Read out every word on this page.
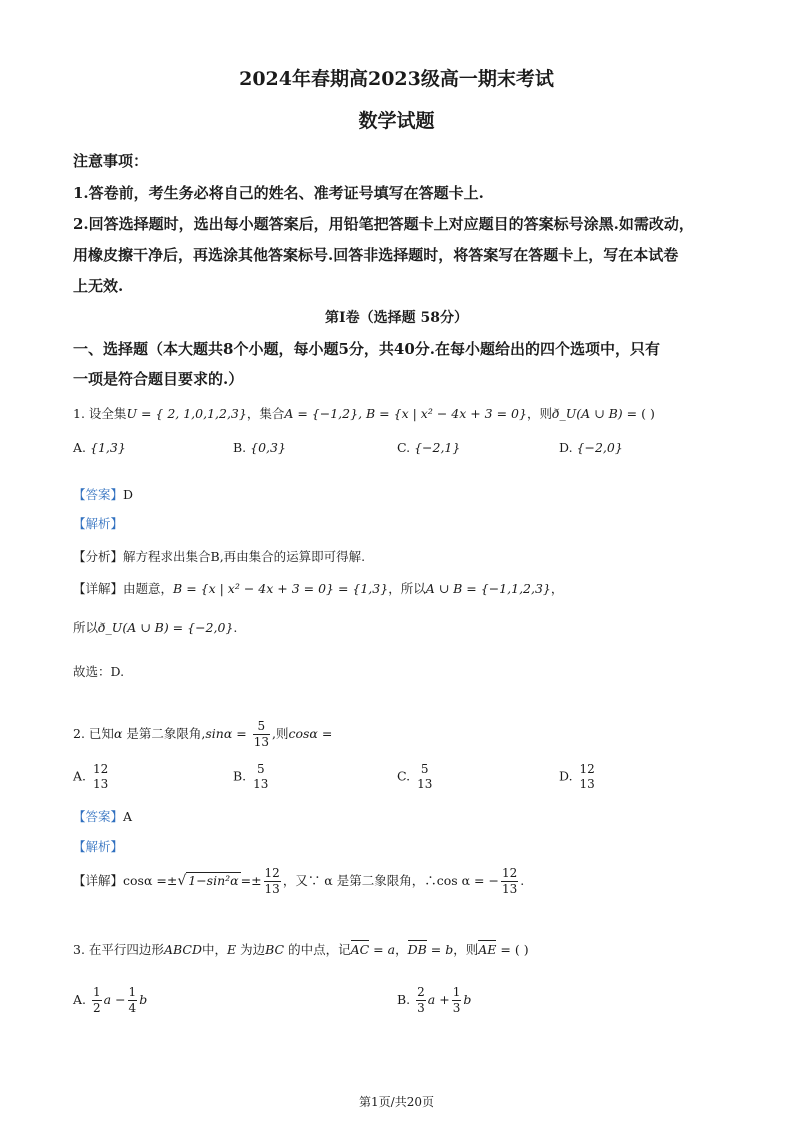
2024年春期高2023级高一期末考试
数学试题
注意事项：
1.答卷前，考生务必将自己的姓名、准考证号填写在答题卡上.
2.回答选择题时，选出每小题答案后，用铅笔把答题卡上对应题目的答案标号涂黑.如需改动，
用橡皮擦干净后，再选涂其他答案标号.回答非选择题时，将答案写在答题卡上，写在本试卷
上无效.
第I卷（选择题 58分）
一、选择题（本大题共8个小题，每小题5分，共40分.在每小题给出的四个选项中，只有
一项是符合题目要求的.）
1. 设全集U = { 2, 1,0,1,2,3}，集合A = {−1,2}, B = {x | x² − 4x + 3 = 0}，则ð_U(A ∪ B) = ( )
A. {1,3}	B. {0,3}	C. {−2,1}	D. {−2,0}
【答案】D
【解析】
【分析】解方程求出集合B,再由集合的运算即可得解.
【详解】由题意，B = {x | x² − 4x + 3 = 0} = {1,3}，所以A ∪ B = {−1,1,2,3}，
所以ð_U(A ∪ B) = {−2,0}.
故选：D.
2. 已知α 是第二象限角$,\sin\alpha = \frac{5}{13}$ ,则cosα =
A. 12
13
B. 5
13
C. 5
13
D. 12
13
【答案】A
【解析】
【详解】cosα =±√ $1-\sin^2\alpha =\pm \frac{12}{13}$ ，又∵ α 是第二象限角，∴cos α = − $\frac{12}{13}$ .
3. 在平行四边形ABCD中，E 为边BC 的中点，记AC = a，DB = b，则AE = ( )
A. $\frac{1}{2}$ $a - \frac{1}{4}$ b	B. $\frac{2}{3}$ $a + \frac{1}{3}$ b
第1页/共20页
